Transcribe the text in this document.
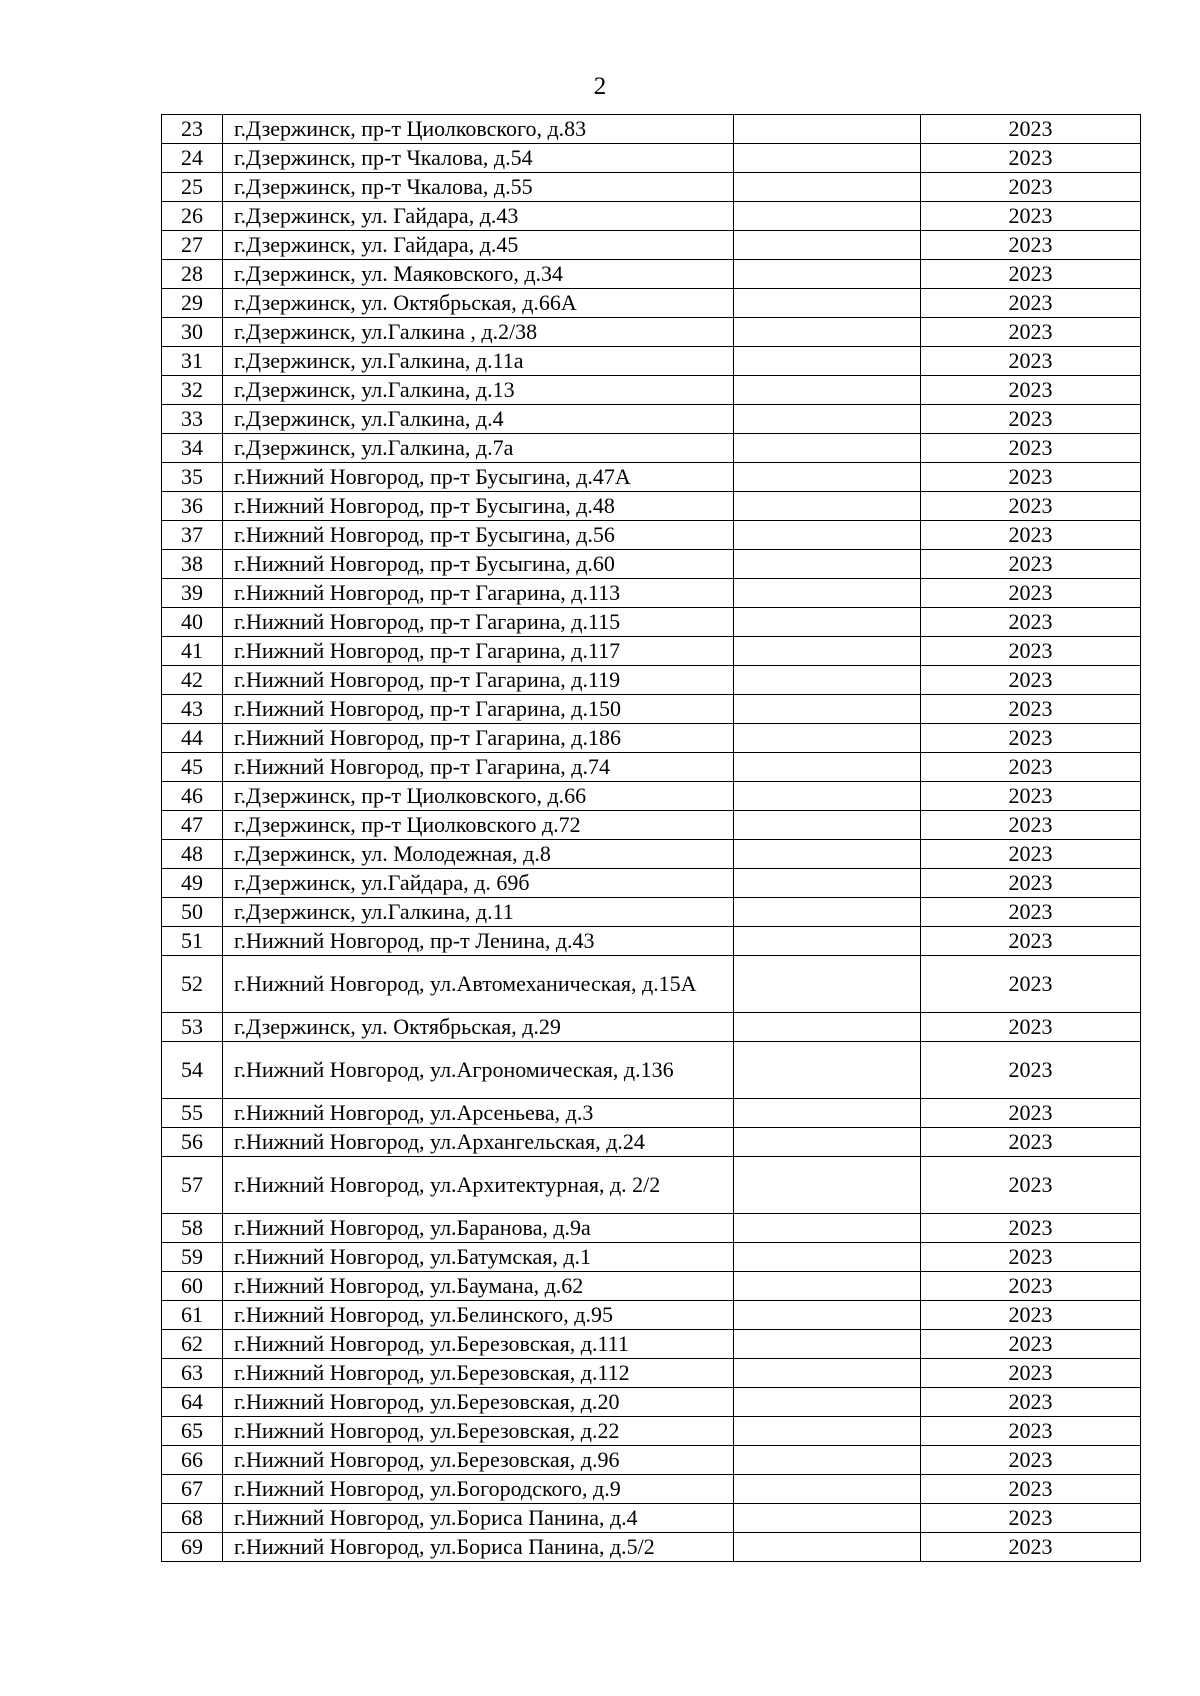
2
23	г.Дзержинск, пр-т Циолковского, д.83		2023
24	г.Дзержинск, пр-т Чкалова, д.54		2023
25	г.Дзержинск, пр-т Чкалова, д.55		2023
26	г.Дзержинск, ул. Гайдара, д.43		2023
27	г.Дзержинск, ул. Гайдара, д.45		2023
28	г.Дзержинск, ул. Маяковского, д.34		2023
29	г.Дзержинск, ул. Октябрьская, д.66А		2023
30	г.Дзержинск, ул.Галкина , д.2/38		2023
31	г.Дзержинск, ул.Галкина, д.11а		2023
32	г.Дзержинск, ул.Галкина, д.13		2023
33	г.Дзержинск, ул.Галкина, д.4		2023
34	г.Дзержинск, ул.Галкина, д.7а		2023
35	г.Нижний Новгород, пр-т Бусыгина, д.47А		2023
36	г.Нижний Новгород, пр-т Бусыгина, д.48		2023
37	г.Нижний Новгород, пр-т Бусыгина, д.56		2023
38	г.Нижний Новгород, пр-т Бусыгина, д.60		2023
39	г.Нижний Новгород, пр-т Гагарина, д.113		2023
40	г.Нижний Новгород, пр-т Гагарина, д.115		2023
41	г.Нижний Новгород, пр-т Гагарина, д.117		2023
42	г.Нижний Новгород, пр-т Гагарина, д.119		2023
43	г.Нижний Новгород, пр-т Гагарина, д.150		2023
44	г.Нижний Новгород, пр-т Гагарина, д.186		2023
45	г.Нижний Новгород, пр-т Гагарина, д.74		2023
46	г.Дзержинск, пр-т Циолковского, д.66		2023
47	г.Дзержинск, пр-т Циолковского д.72		2023
48	г.Дзержинск, ул. Молодежная, д.8		2023
49	г.Дзержинск, ул.Гайдара, д. 69б		2023
50	г.Дзержинск, ул.Галкина, д.11		2023
51	г.Нижний Новгород, пр-т Ленина, д.43		2023
52	г.Нижний Новгород, ул.Автомеханическая, д.15А		2023
53	г.Дзержинск, ул. Октябрьская, д.29		2023
54	г.Нижний Новгород, ул.Агрономическая, д.136		2023
55	г.Нижний Новгород, ул.Арсеньева, д.3		2023
56	г.Нижний Новгород, ул.Архангельская, д.24		2023
57	г.Нижний Новгород, ул.Архитектурная, д. 2/2		2023
58	г.Нижний Новгород, ул.Баранова, д.9а		2023
59	г.Нижний Новгород, ул.Батумская, д.1		2023
60	г.Нижний Новгород, ул.Баумана, д.62		2023
61	г.Нижний Новгород, ул.Белинского, д.95		2023
62	г.Нижний Новгород, ул.Березовская, д.111		2023
63	г.Нижний Новгород, ул.Березовская, д.112		2023
64	г.Нижний Новгород, ул.Березовская, д.20		2023
65	г.Нижний Новгород, ул.Березовская, д.22		2023
66	г.Нижний Новгород, ул.Березовская, д.96		2023
67	г.Нижний Новгород, ул.Богородского, д.9		2023
68	г.Нижний Новгород, ул.Бориса Панина, д.4		2023
69	г.Нижний Новгород, ул.Бориса Панина, д.5/2		2023
